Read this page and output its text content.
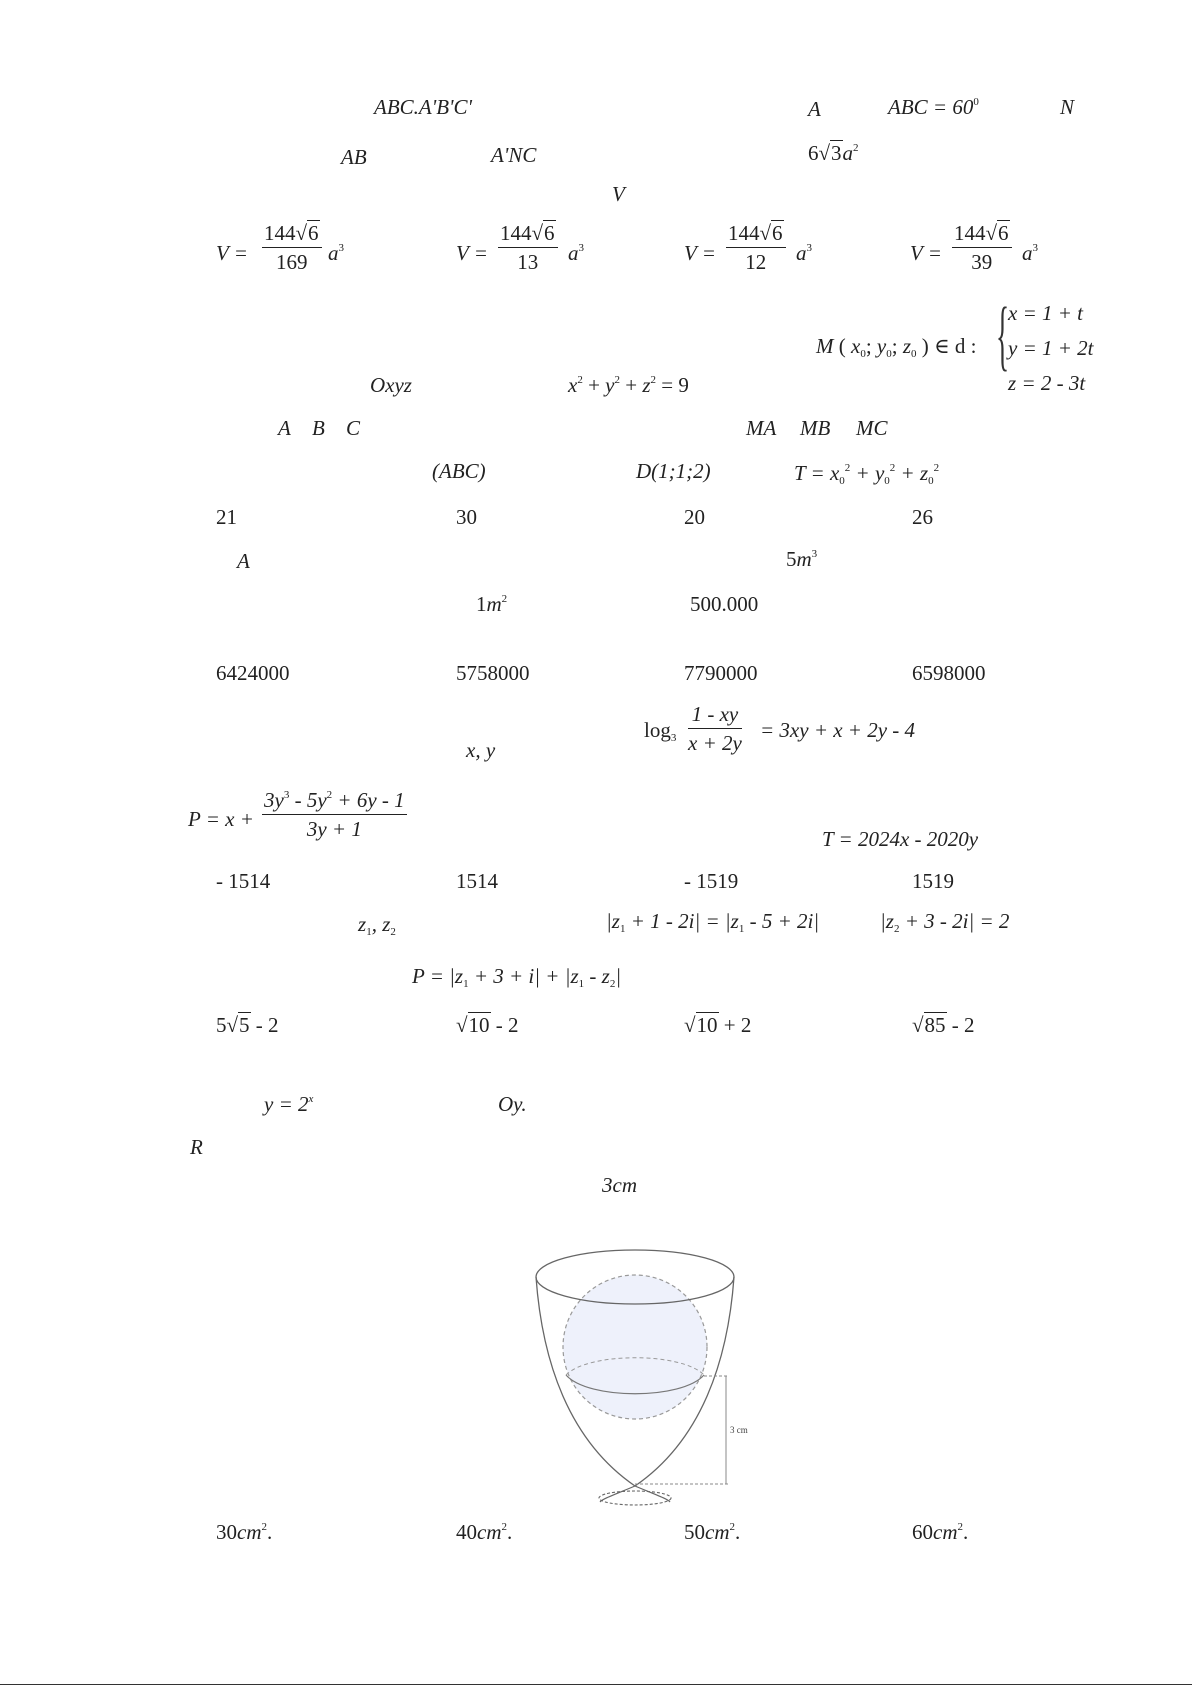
ABC.A'B'C'	A	ABC = $60^0$	N
AB	A'NC	$6√3a^2$
V
$V = \frac{144√6}{169} a^3$	$V = \frac{144√6}{13} a^3$	$V = \frac{144√6}{12} a^3$	$V = \frac{144√6}{39} a^3$
M ( $x_0$; $y_0$; $z_0$ ) ∈ d : {
x = 1 + t
y = 1 + 2t
z = 2 - 3t
Oxyz	$x^2 + y^2 + z^2 = 9$
A B C	MA MB MC
(ABC)	D(1;1;2)	$T = x_0^2 + y_0^2 + z_0^2$
21	30	20	26
A	$5m^3$
$1m^2$	500.000
6424000	5758000	7790000	6598000
$\log_3 \frac{1 - xy}{x + 2y} = 3xy + x + 2y - 4$
x, y
$P = x + \frac{3y^3 - 5y^2 + 6y - 1}{3y + 1}$	T = 2024x - 2020y
- 1514	1514	- 1519	1519
$z_1$, $z_2$	$|z_1 + 1 - 2i| = |z_1 - 5 + 2i|$	$|z_2 + 3 - 2i| = 2$
$P = |z_1 + 3 + i| + |z_1 - z_2|$
5√5 - 2	√10 - 2	√10 + 2	√85 - 2
$y = 2^x$	Oy.
R
3cm
3 cm
$30cm^2$.	$40cm^2$.	$50cm^2$.	$60cm^2$.
